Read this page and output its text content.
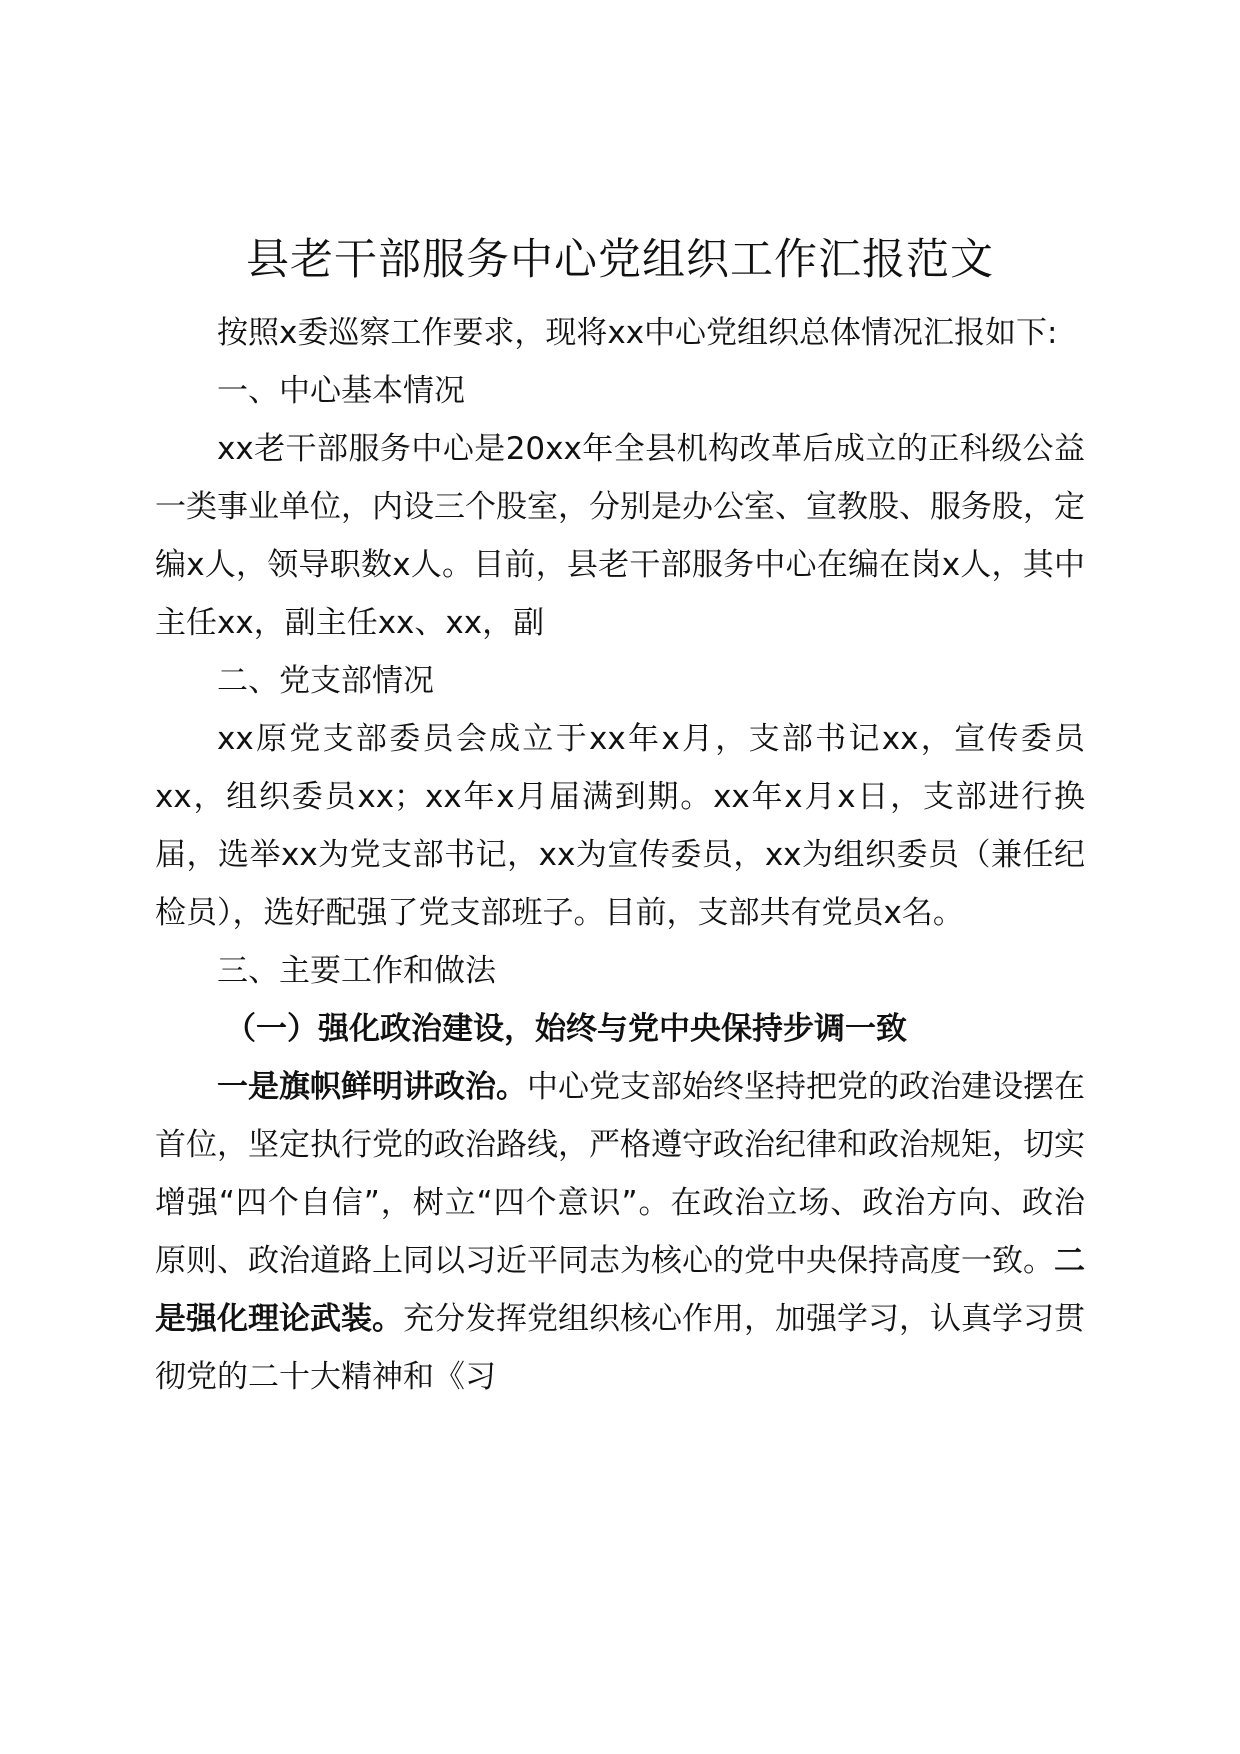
县老干部服务中心党组织工作汇报范文

按照x委巡察工作要求，现将xx中心党组织总体情况汇报如下:

一、中心基本情况

xx老干部服务中心是20xx年全县机构改革后成立的正科级公益一类事业单位，内设三个股室，分别是办公室、宣教股、服务股，定编x人，领导职数x人。目前，县老干部服务中心在编在岗x人，其中主任xx，副主任xx、xx，副

二、党支部情况

xx原党支部委员会成立于xx年x月，支部书记xx，宣传委员xx，组织委员xx；xx年x月届满到期。xx年x月x日，支部进行换届，选举xx为党支部书记，xx为宣传委员，xx为组织委员（兼任纪检员），选好配强了党支部班子。目前，支部共有党员x名。

三、主要工作和做法

（一）强化政治建设，始终与党中央保持步调一致

一是旗帜鲜明讲政治。中心党支部始终坚持把党的政治建设摆在首位，坚定执行党的政治路线，严格遵守政治纪律和政治规矩，切实增强“四个自信”，树立“四个意识”。在政治立场、政治方向、政治原则、政治道路上同以习近平同志为核心的党中央保持高度一致。二是强化理论武装。充分发挥党组织核心作用，加强学习，认真学习贯彻党的二十大精神和《习
